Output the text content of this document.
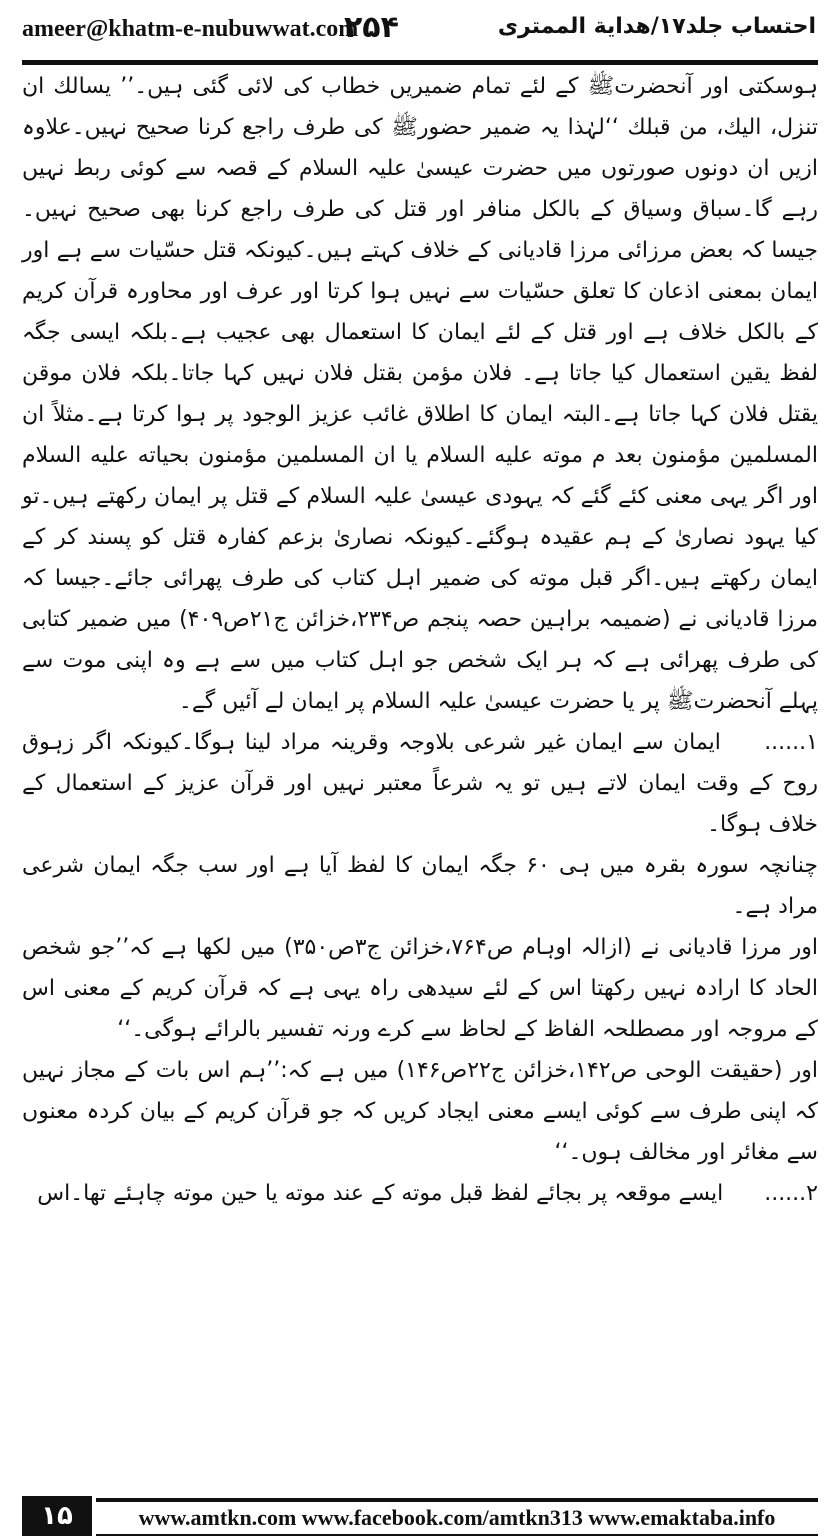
ameer@khatm-e-nubuwwat.com
۲۵۴	احتساب جلد۱۷/هداية الممترى

ہوسکتی اور آنحضرتﷺ کے لئے تمام ضمیریں خطاب کی لائی گئی ہیں۔’’ یسالك ان تنزل، الیك، من قبلك ‘‘لہٰذا یہ ضمیر حضورﷺ کی طرف راجع کرنا صحیح نہیں۔علاوہ ازیں ان دونوں صورتوں میں حضرت عیسیٰ علیہ السلام کے قصہ سے کوئی ربط نہیں رہے گا۔سباق وسیاق کے بالکل منافر اور قتل کی طرف راجع کرنا بھی صحیح نہیں۔جیسا کہ بعض مرزائی مرزا قادیانی کے خلاف کہتے ہیں۔کیونکہ قتل حسّیات سے ہے اور ایمان بمعنی اذعان کا تعلق حسّیات سے نہیں ہوا کرتا اور عرف اور محاورہ قرآن کریم کے بالکل خلاف ہے اور قتل کے لئے ایمان کا استعمال بھی عجیب ہے۔بلکہ ایسی جگہ لفظ یقین استعمال کیا جاتا ہے۔ فلان مؤمن بقتل فلان نہیں کہا جاتا۔بلکہ فلان موقن یقتل فلان کہا جاتا ہے۔البتہ ایمان کا اطلاق غائب عزیز الوجود پر ہوا کرتا ہے۔مثلاً ان المسلمین مؤمنون بعد م موته عليه السلام یا ان المسلمین مؤمنون بحیاته علیه السلام اور اگر یہی معنی کئے گئے کہ یہودی عیسیٰ علیہ السلام کے قتل پر ایمان رکھتے ہیں۔تو کیا یہود نصاریٰ کے ہم عقیدہ ہوگئے۔کیونکہ نصاریٰ بزعم کفارہ قتل کو پسند کر کے ایمان رکھتے ہیں۔اگر قبل موته کی ضمیر اہل کتاب کی طرف پھرائی جائے۔جیسا کہ مرزا قادیانی نے (ضمیمہ براہین حصہ پنجم ص۲۳۴،خزائن ج۲۱ص۴۰۹) میں ضمیر کتابی کی طرف پھرائی ہے کہ ہر ایک شخص جو اہل کتاب میں سے ہے وہ اپنی موت سے پہلے آنحضرتﷺ پر یا حضرت عیسیٰ علیہ السلام پر ایمان لے آئیں گے۔

۱...... ایمان سے ایمان غیر شرعی بلاوجہ وقرینہ مراد لینا ہوگا۔کیونکہ اگر زہوق روح کے وقت ایمان لاتے ہیں تو یہ شرعاً معتبر نہیں اور قرآن عزیز کے استعمال کے خلاف ہوگا۔

چنانچہ سورہ بقرہ میں ہی ۶۰ جگہ ایمان کا لفظ آیا ہے اور سب جگہ ایمان شرعی مراد ہے۔

اور مرزا قادیانی نے (ازالہ اوہام ص۷۶۴،خزائن ج۳ص۳۵۰) میں لکھا ہے کہ’’جو شخص الحاد کا ارادہ نہیں رکھتا اس کے لئے سیدھی راہ یہی ہے کہ قرآن کریم کے معنی اس کے مروجہ اور مصطلحہ الفاظ کے لحاظ سے کرے ورنہ تفسیر بالرائے ہوگی۔‘‘

اور (حقیقت الوحی ص۱۴۲،خزائن ج۲۲ص۱۴۶) میں ہے کہ:’’ہم اس بات کے مجاز نہیں کہ اپنی طرف سے کوئی ایسے معنی ایجاد کریں کہ جو قرآن کریم کے بیان کردہ معنوں سے مغائر اور مخالف ہوں۔‘‘

۲...... ایسے موقعہ پر بجائے لفظ قبل موته کے عند موته یا حین موته چاہئے تھا۔اس

۱۵	www.amtkn.com www.facebook.com/amtkn313 www.emaktaba.info
